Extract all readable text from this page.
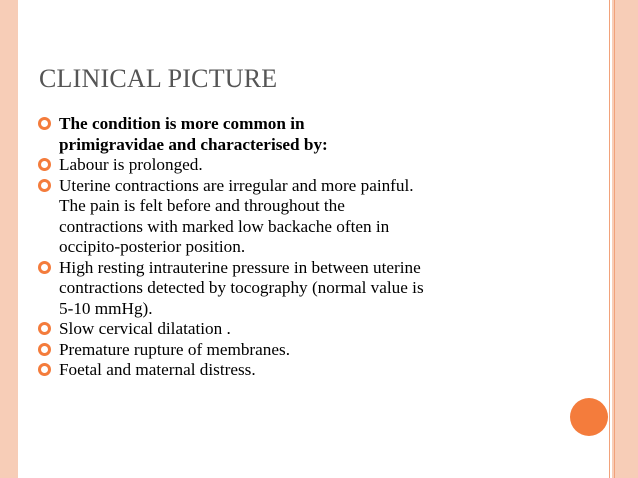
CLINICAL PICTURE
The condition is more common in
primigravidae and characterised by:
Labour is prolonged.
Uterine contractions are irregular and more painful.
The pain is felt before and throughout the
contractions with marked low backache often in
occipito-posterior position.
High resting intrauterine pressure in between uterine
contractions detected by tocography (normal value is
5-10 mmHg).
Slow cervical dilatation .
Premature rupture of membranes.
Foetal and maternal distress.
